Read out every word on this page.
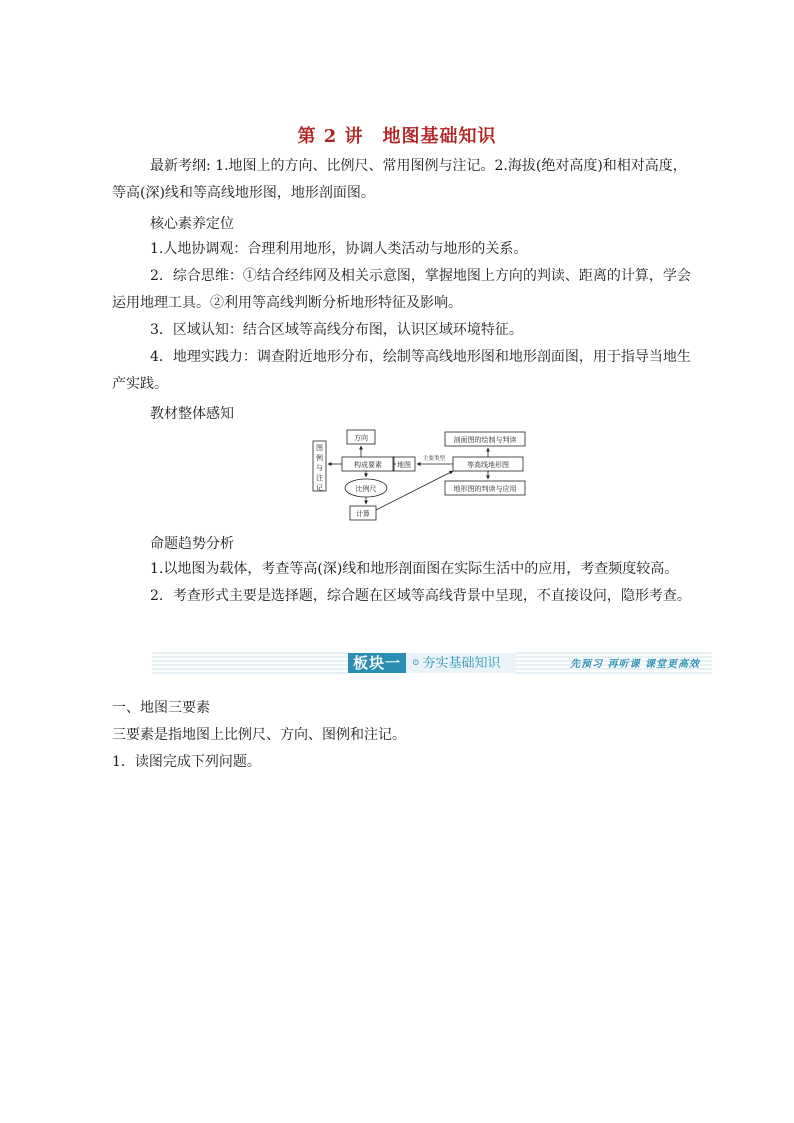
第 2 讲　地图基础知识

最新考纲: 1.地图上的方向、比例尺、常用图例与注记。2.海拔(绝对高度)和相对高度，等高(深)线和等高线地形图，地形剖面图。

核心素养定位

1.人地协调观：合理利用地形，协调人类活动与地形的关系。

2．综合思维：①结合经纬网及相关示意图，掌握地图上方向的判读、距离的计算，学会运用地理工具。②利用等高线判断分析地形特征及影响。

3．区域认知：结合区域等高线分布图，认识区域环境特征。

4．地理实践力：调查附近地形分布，绘制等高线地形图和地形剖面图，用于指导当地生产实践。

教材整体感知
图
例
与
注
记
方向
构成要素 地图
主要类型
等高线地形图
剖面图的绘制与判读
地形图的判读与应用
比例尺
计算
命题趋势分析

1.以地图为载体，考查等高(深)线和地形剖面图在实际生活中的应用，考查频度较高。

2．考查形式主要是选择题，综合题在区域等高线背景中呈现，不直接设问，隐形考查。

板块一	⊙ 夯实基础知识	先预习 再听课 课堂更高效
一、地图三要素
三要素是指地图上比例尺、方向、图例和注记。
1．读图完成下列问题。
